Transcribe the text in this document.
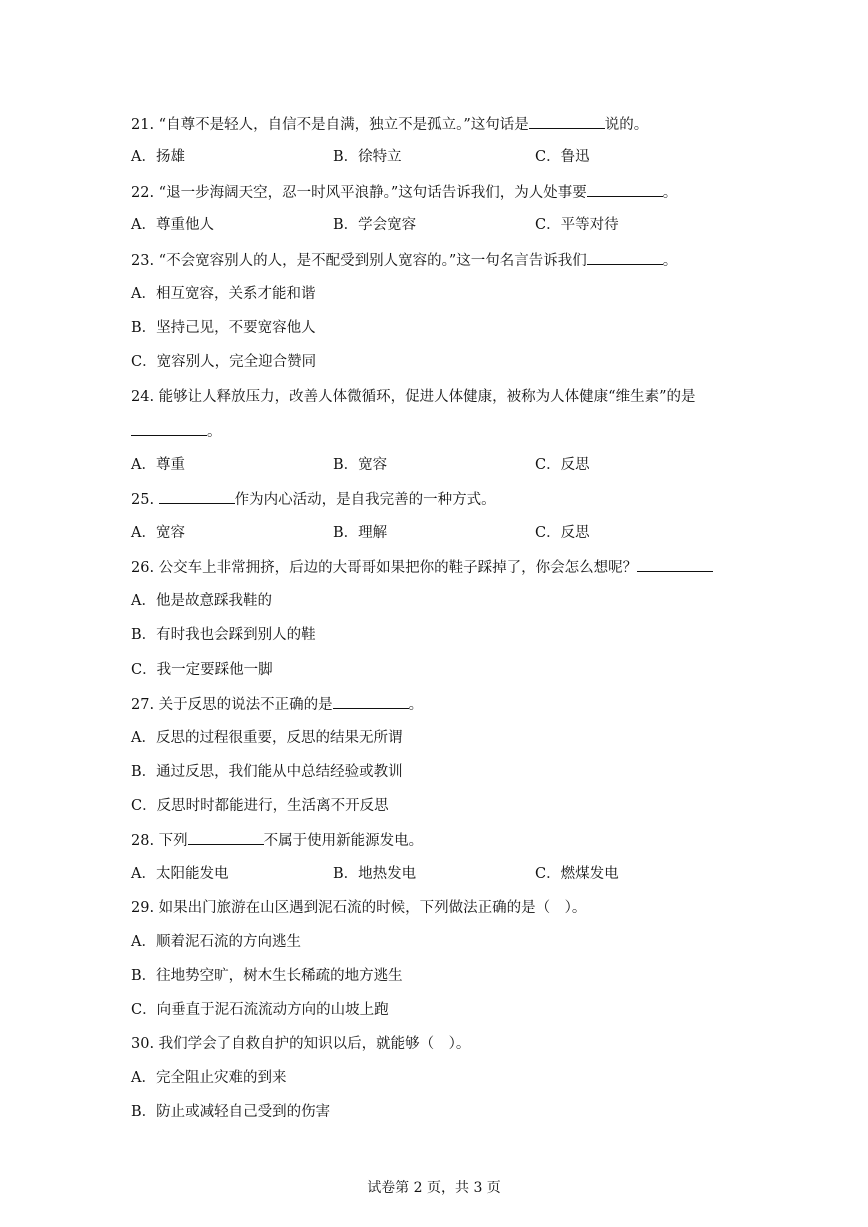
21. “自尊不是轻人，自信不是自满，独立不是孤立。”这句话是	说的。
A．扬雄	B．徐特立	C．鲁迅
22. “退一步海阔天空，忍一时风平浪静。”这句话告诉我们，为人处事要	。
A．尊重他人	B．学会宽容	C．平等对待
23. “不会宽容别人的人，是不配受到别人宽容的。”这一句名言告诉我们	。
A．相互宽容，关系才能和谐
B．坚持己见，不要宽容他人
C．宽容别人，完全迎合赞同
24. 能够让人释放压力，改善人体微循环，促进人体健康，被称为人体健康“维生素”的是
。
A．尊重	B．宽容	C．反思
25.	作为内心活动，是自我完善的一种方式。
A．宽容	B．理解	C．反思
26. 公交车上非常拥挤，后边的大哥哥如果把你的鞋子踩掉了，你会怎么想呢？
A．他是故意踩我鞋的
B．有时我也会踩到别人的鞋
C．我一定要踩他一脚
27. 关于反思的说法不正确的是	。
A．反思的过程很重要，反思的结果无所谓
B．通过反思，我们能从中总结经验或教训
C．反思时时都能进行，生活离不开反思
28. 下列	不属于使用新能源发电。
A．太阳能发电	B．地热发电	C．燃煤发电
29. 如果出门旅游在山区遇到泥石流的时候，下列做法正确的是（　）。
A．顺着泥石流的方向逃生
B．往地势空旷，树木生长稀疏的地方逃生
C．向垂直于泥石流流动方向的山坡上跑
30. 我们学会了自救自护的知识以后，就能够（　）。
A．完全阻止灾难的到来
B．防止或减轻自己受到的伤害
试卷第 2 页，共 3 页
